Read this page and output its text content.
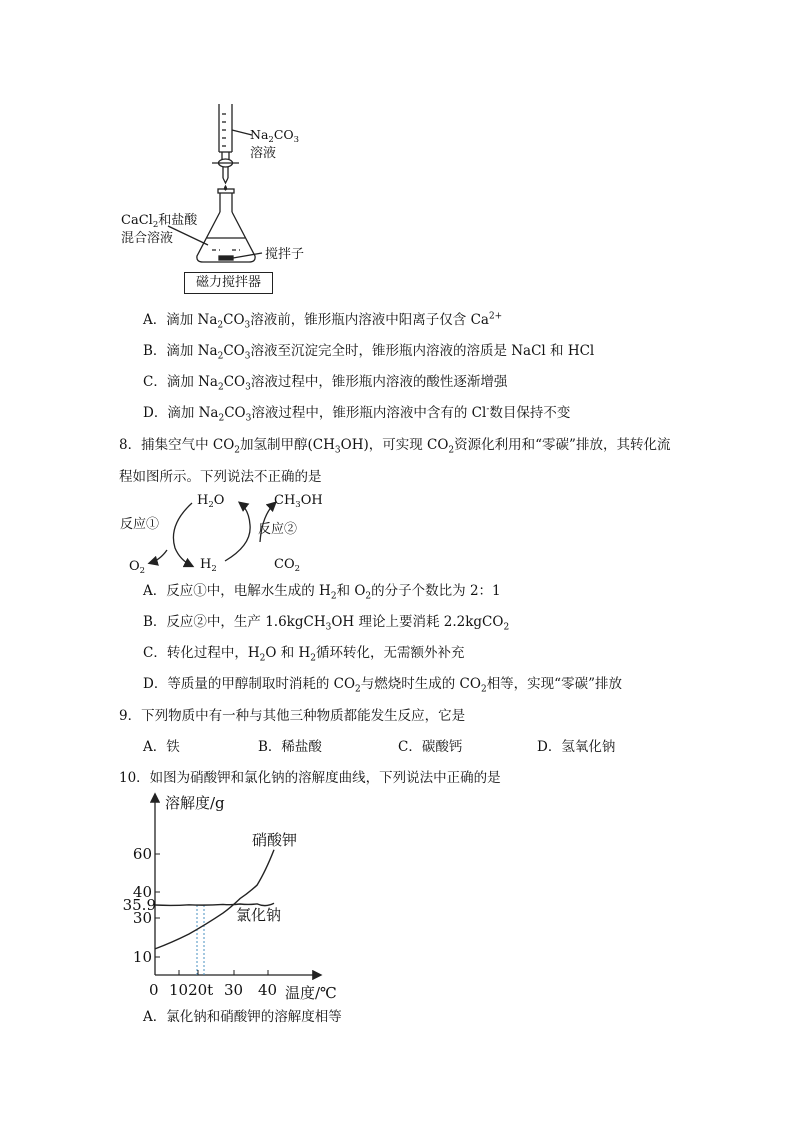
$Na_2CO_3$
溶液
CaCl$_2$和盐酸
混合溶液
搅拌子
磁力搅拌器
A．滴加 $Na_2CO_3$溶液前，锥形瓶内溶液中阳离子仅含 $Ca^{2+}$
B．滴加 $Na_2CO_3$溶液至沉淀完全时，锥形瓶内溶液的溶质是 NaCl 和 HCl
C．滴加 $Na_2CO_3$溶液过程中，锥形瓶内溶液的酸性逐渐增强
D．滴加 $Na_2CO_3$溶液过程中，锥形瓶内溶液中含有的 Cl-数目保持不变
8．捕集空气中 $CO_2$加氢制甲醇$(CH_3OH)$，可实现 $CO_2$资源化利用和“零碳”排放，其转化流
程如图所示。下列说法不正确的是
$H_2O$	$CH_3OH$
反应①	反应②
$O_2$	$H_2$	$CO_2$
A．反应①中，电解水生成的 $H_2$和 $O_2$的分子个数比为 2：1
B．反应②中，生产 1.6kgCH$_3$OH 理论上要消耗 2.2kgCO$_2$
C．转化过程中，$H_2O$ 和 $H_2$循环转化，无需额外补充
D．等质量的甲醇制取时消耗的 $CO_2$与燃烧时生成的 $CO_2$相等，实现“零碳”排放
9．下列物质中有一种与其他三种物质都能发生反应，它是
A．铁	B．稀盐酸	C．碳酸钙	D．氢氧化钠
10．如图为硝酸钾和氯化钠的溶解度曲线，下列说法中正确的是
溶解度/g
温度/℃
10
30
35.9
40
60
0 1020t 30 40
硝酸钾
氯化钠
A．氯化钠和硝酸钾的溶解度相等
